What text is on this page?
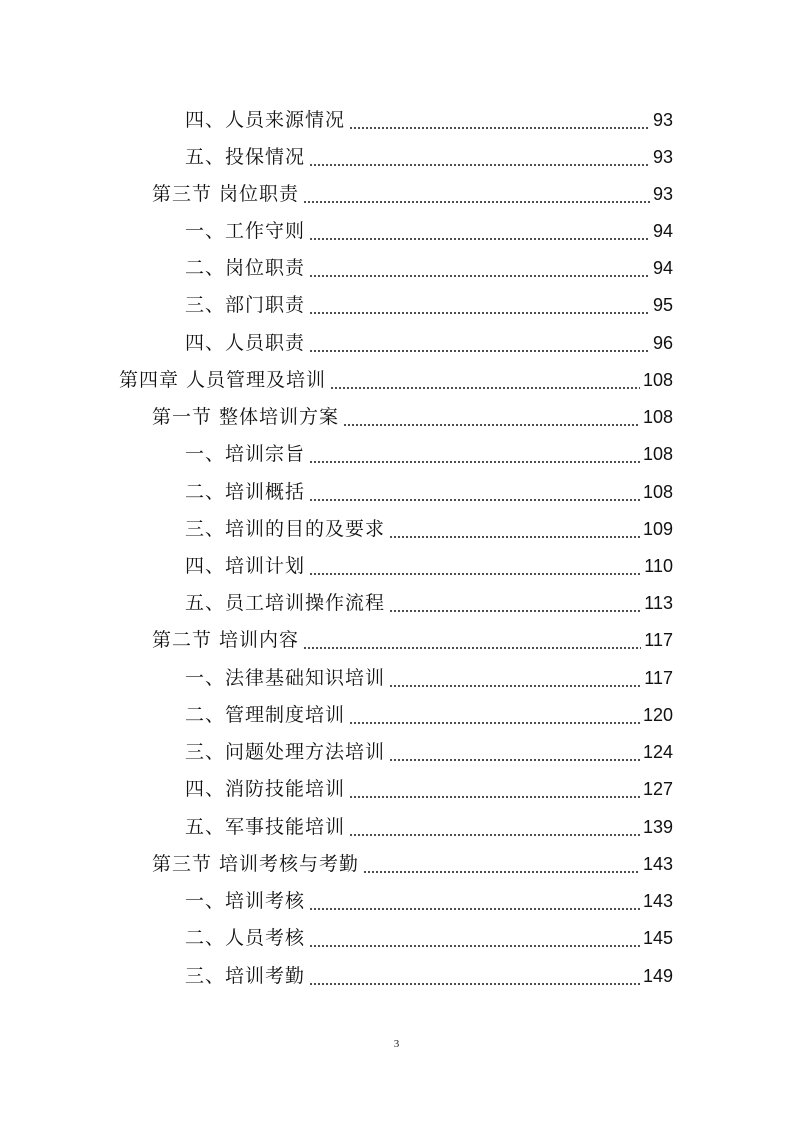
四、人员来源情况	93
五、投保情况	93
第三节 岗位职责	93
一、工作守则	94
二、岗位职责	94
三、部门职责	95
四、人员职责	96
第四章 人员管理及培训	108
第一节 整体培训方案	108
一、培训宗旨	108
二、培训概括	108
三、培训的目的及要求	109
四、培训计划	110
五、员工培训操作流程	113
第二节 培训内容	117
一、法律基础知识培训	117
二、管理制度培训	120
三、问题处理方法培训	124
四、消防技能培训	127
五、军事技能培训	139
第三节 培训考核与考勤	143
一、培训考核	143
二、人员考核	145
三、培训考勤	149
3
